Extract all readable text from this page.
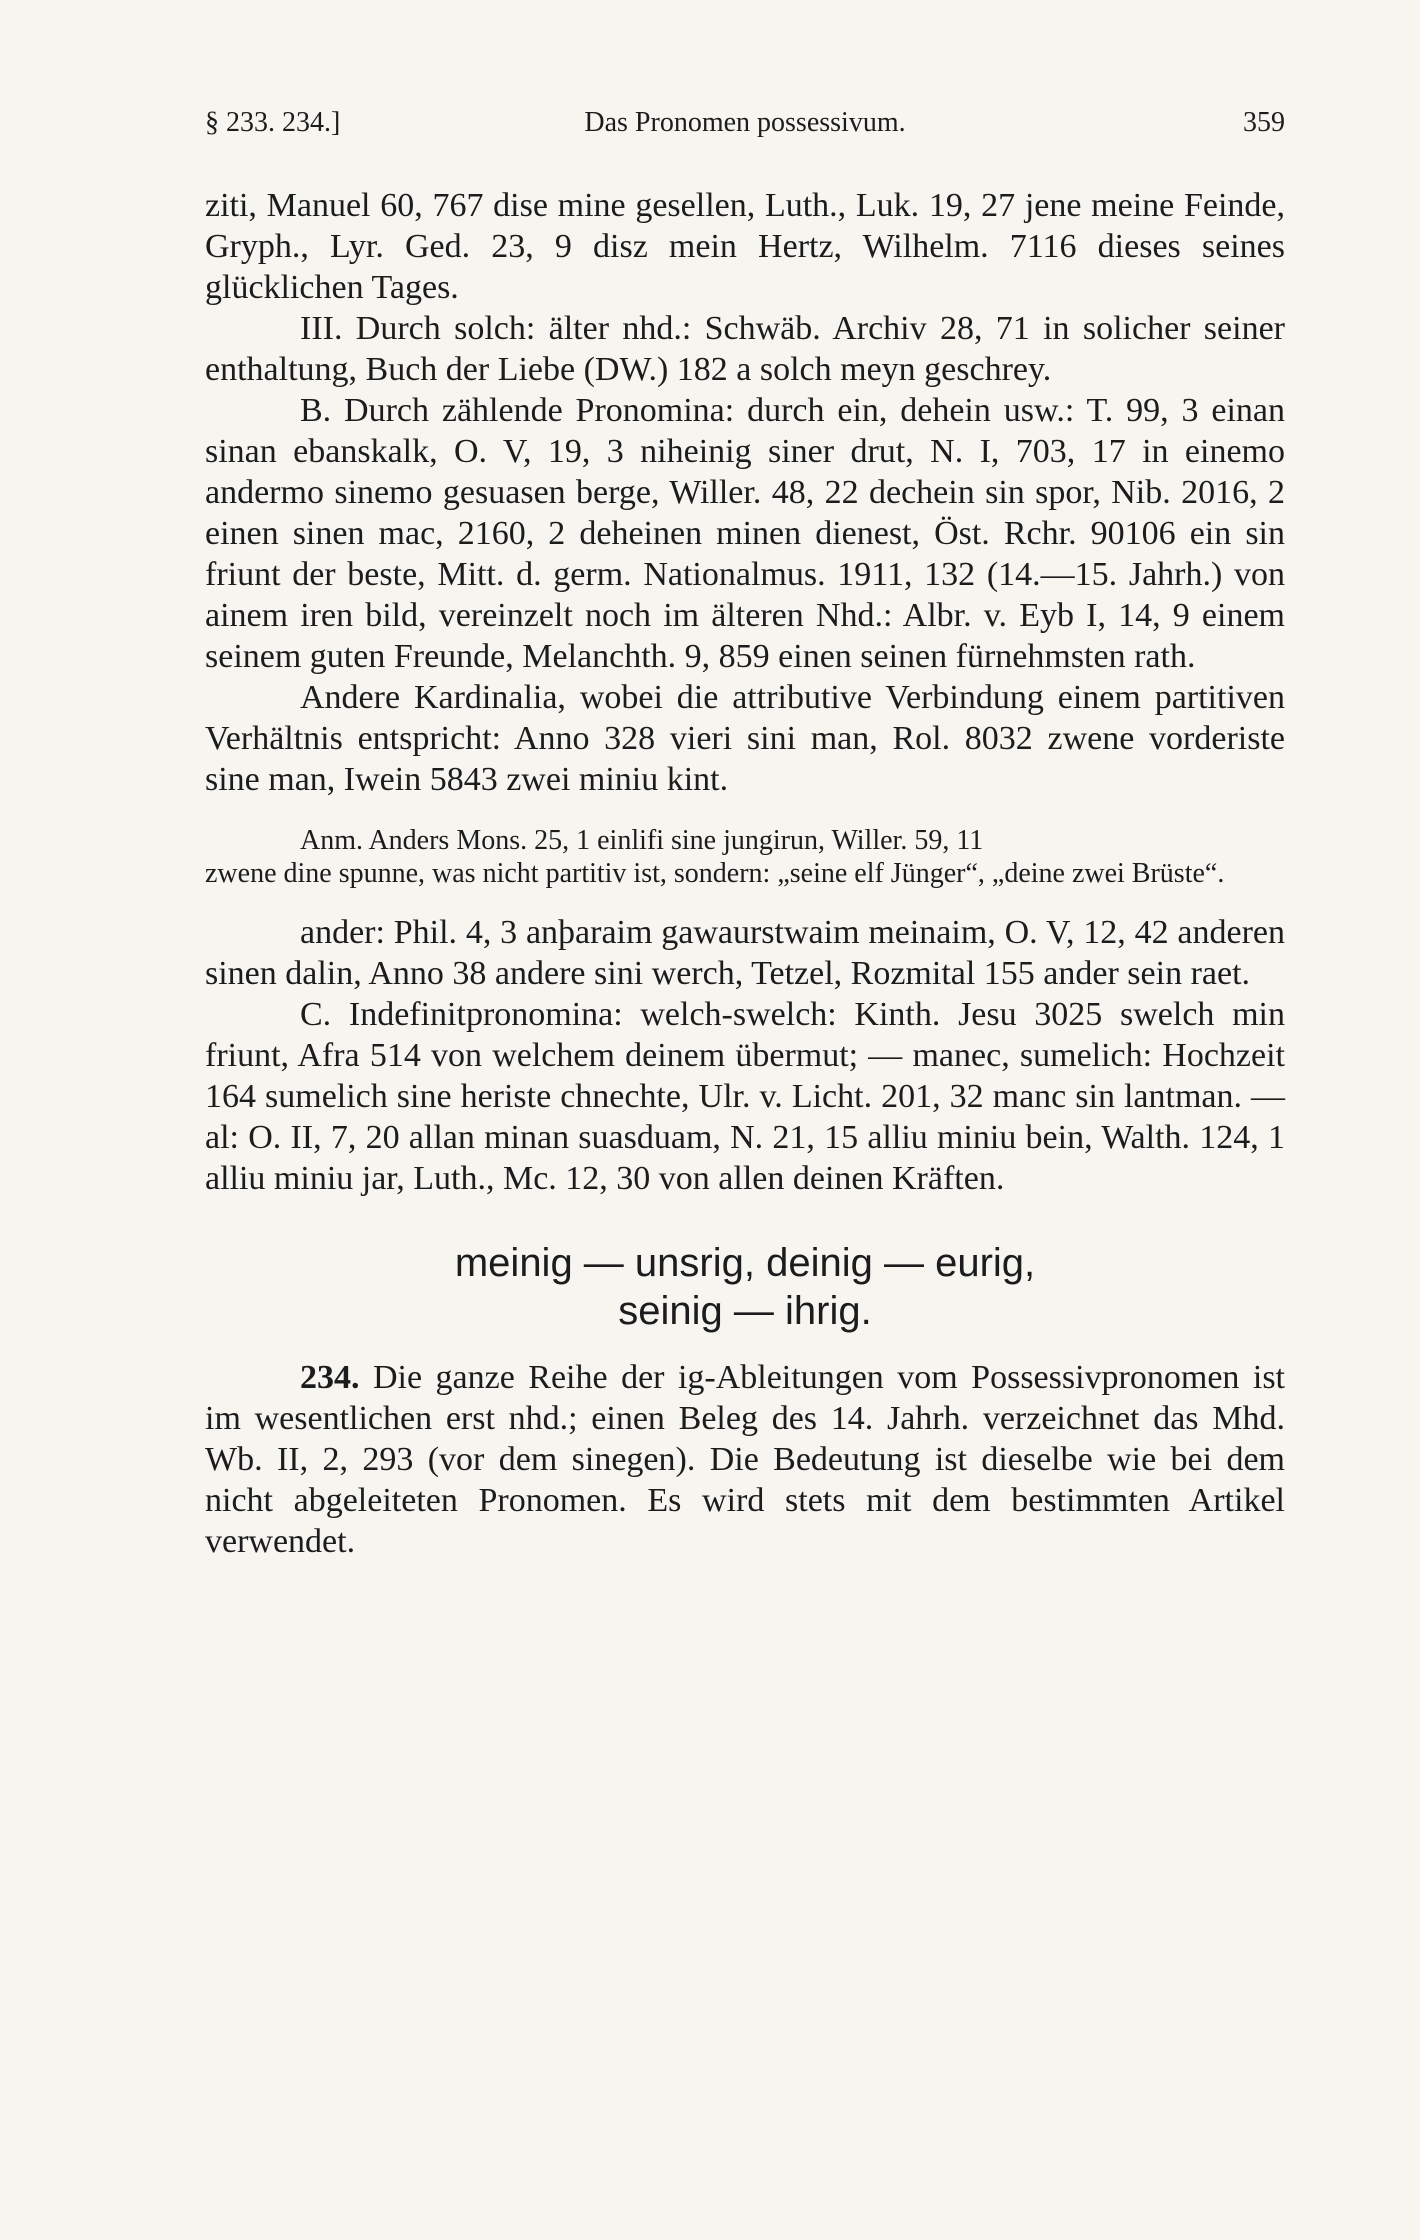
§ 233. 234.]	Das Pronomen possessivum.	359

ziti, Manuel 60, 767 dise mine gesellen, Luth., Luk. 19, 27 jene meine Feinde, Gryph., Lyr. Ged. 23, 9 disz mein Hertz, Wilhelm. 7116 dieses seines glücklichen Tages.

III. Durch solch: älter nhd.: Schwäb. Archiv 28, 71 in solicher seiner enthaltung, Buch der Liebe (DW.) 182 a solch meyn geschrey.

B. Durch zählende Pronomina: durch ein, dehein usw.: T. 99, 3 einan sinan ebanskalk, O. V, 19, 3 niheinig siner drut, N. I, 703, 17 in einemo andermo sinemo gesuasen berge, Willer. 48, 22 dechein sin spor, Nib. 2016, 2 einen sinen mac, 2160, 2 deheinen minen dienest, Öst. Rchr. 90106 ein sin friunt der beste, Mitt. d. germ. Nationalmus. 1911, 132 (14.—15. Jahrh.) von ainem iren bild, vereinzelt noch im älteren Nhd.: Albr. v. Eyb I, 14, 9 einem seinem guten Freunde, Melanchth. 9, 859 einen seinen fürnehmsten rath.

Andere Kardinalia, wobei die attributive Verbindung einem partitiven Verhältnis entspricht: Anno 328 vieri sini man, Rol. 8032 zwene vorderiste sine man, Iwein 5843 zwei miniu kint.

Anm. Anders Mons. 25, 1 einlifi sine jungirun, Willer. 59, 11
zwene dine spunne, was nicht partitiv ist, sondern: „seine elf Jünger“, „deine zwei Brüste“.

ander: Phil. 4, 3 anþaraim gawaurstwaim meinaim, O. V, 12, 42 anderen sinen dalin, Anno 38 andere sini werch, Tetzel, Rozmital 155 ander sein raet.

C. Indefinitpronomina: welch-swelch: Kinth. Jesu 3025 swelch min friunt, Afra 514 von welchem deinem übermut; — manec, sumelich: Hochzeit 164 sumelich sine heriste chnechte, Ulr. v. Licht. 201, 32 manc sin lantman. — al: O. II, 7, 20 allan minan suasduam, N. 21, 15 alliu miniu bein, Walth. 124, 1 alliu miniu jar, Luth., Mc. 12, 30 von allen deinen Kräften.

meinig — unsrig, deinig — eurig,
seinig — ihrig.

234. Die ganze Reihe der ig-Ableitungen vom Possessivpronomen ist im wesentlichen erst nhd.; einen Beleg des 14. Jahrh. verzeichnet das Mhd. Wb. II, 2, 293 (vor dem sinegen). Die Bedeutung ist dieselbe wie bei dem nicht abgeleiteten Pronomen. Es wird stets mit dem bestimmten Artikel verwendet.
